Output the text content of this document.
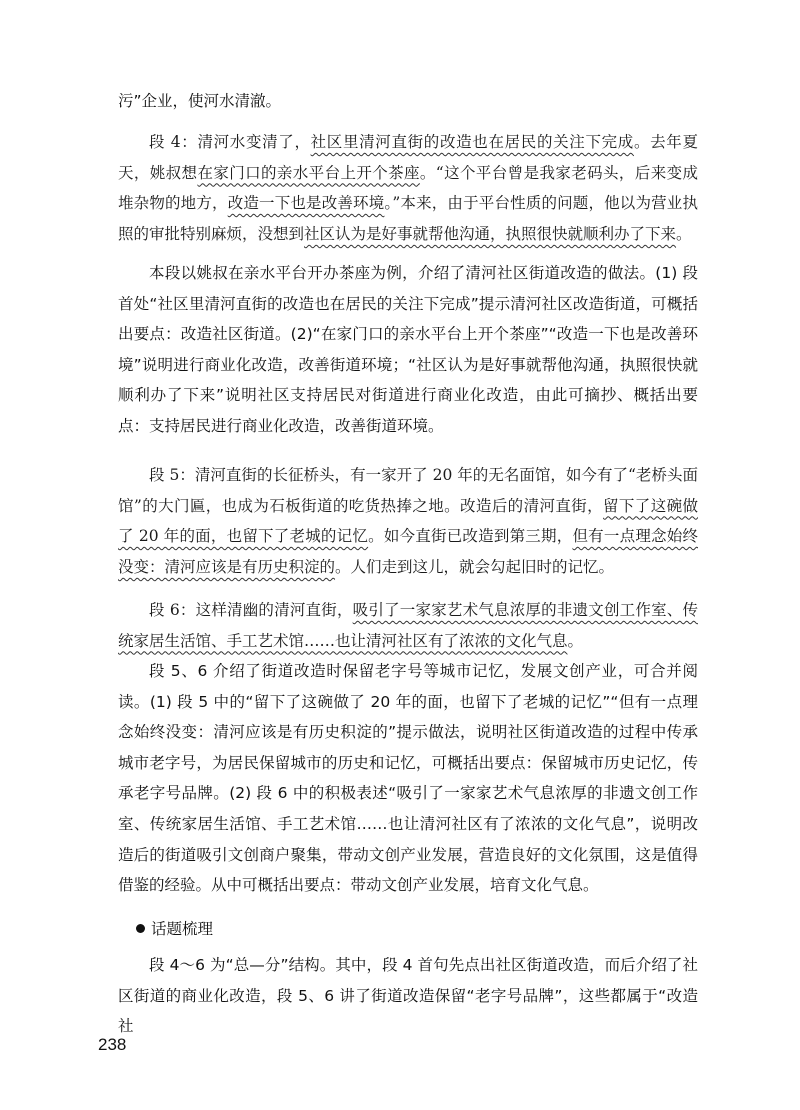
污”企业，使河水清澈。

段 4：清河水变清了，社区里清河直街的改造也在居民的关注下完成。去年夏天，姚叔想在家门口的亲水平台上开个茶座。“这个平台曾是我家老码头，后来变成堆杂物的地方，改造一下也是改善环境。”本来，由于平台性质的问题，他以为营业执照的审批特别麻烦，没想到社区认为是好事就帮他沟通，执照很快就顺利办了下来。

本段以姚叔在亲水平台开办茶座为例，介绍了清河社区街道改造的做法。(1) 段首处“社区里清河直街的改造也在居民的关注下完成”提示清河社区改造街道，可概括出要点：改造社区街道。(2)“在家门口的亲水平台上开个茶座”“改造一下也是改善环境”说明进行商业化改造，改善街道环境；“社区认为是好事就帮他沟通，执照很快就顺利办了下来”说明社区支持居民对街道进行商业化改造，由此可摘抄、概括出要点：支持居民进行商业化改造，改善街道环境。

段 5：清河直街的长征桥头，有一家开了 20 年的无名面馆，如今有了“老桥头面馆”的大门匾，也成为石板街道的吃货热捧之地。改造后的清河直街，留下了这碗做了 20 年的面，也留下了老城的记忆。如今直街已改造到第三期，但有一点理念始终没变：清河应该是有历史积淀的。人们走到这儿，就会勾起旧时的记忆。

段 6：这样清幽的清河直街，吸引了一家家艺术气息浓厚的非遗文创工作室、传统家居生活馆、手工艺术馆……也让清河社区有了浓浓的文化气息。

段 5、6 介绍了街道改造时保留老字号等城市记忆，发展文创产业，可合并阅读。(1) 段 5 中的“留下了这碗做了 20 年的面，也留下了老城的记忆”“但有一点理念始终没变：清河应该是有历史积淀的”提示做法，说明社区街道改造的过程中传承城市老字号，为居民保留城市的历史和记忆，可概括出要点：保留城市历史记忆，传承老字号品牌。(2) 段 6 中的积极表述“吸引了一家家艺术气息浓厚的非遗文创工作室、传统家居生活馆、手工艺术馆……也让清河社区有了浓浓的文化气息”，说明改造后的街道吸引文创商户聚集，带动文创产业发展，营造良好的文化氛围，这是值得借鉴的经验。从中可概括出要点：带动文创产业发展，培育文化气息。

话题梳理

段 4～6 为“总—分”结构。其中，段 4 首句先点出社区街道改造，而后介绍了社区街道的商业化改造，段 5、6 讲了街道改造保留“老字号品牌”，这些都属于“改造社

238
